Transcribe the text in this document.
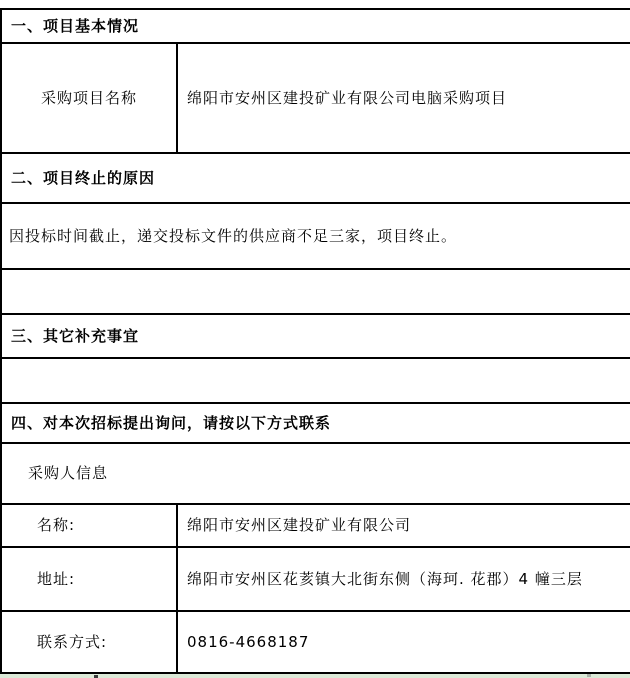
一、项目基本情况	
采购项目名称	绵阳市安州区建投矿业有限公司电脑采购项目
二、项目终止的原因	
因投标时间截止，递交投标文件的供应商不足三家，项目终止。	

三、其它补充事宜	

四、对本次招标提出询问，请按以下方式联系	
采购人信息	
名称:	绵阳市安州区建投矿业有限公司
地址:	绵阳市安州区花荄镇大北街东侧（海珂. 花郡）4 幢三层
联系方式:	0816-4668187
